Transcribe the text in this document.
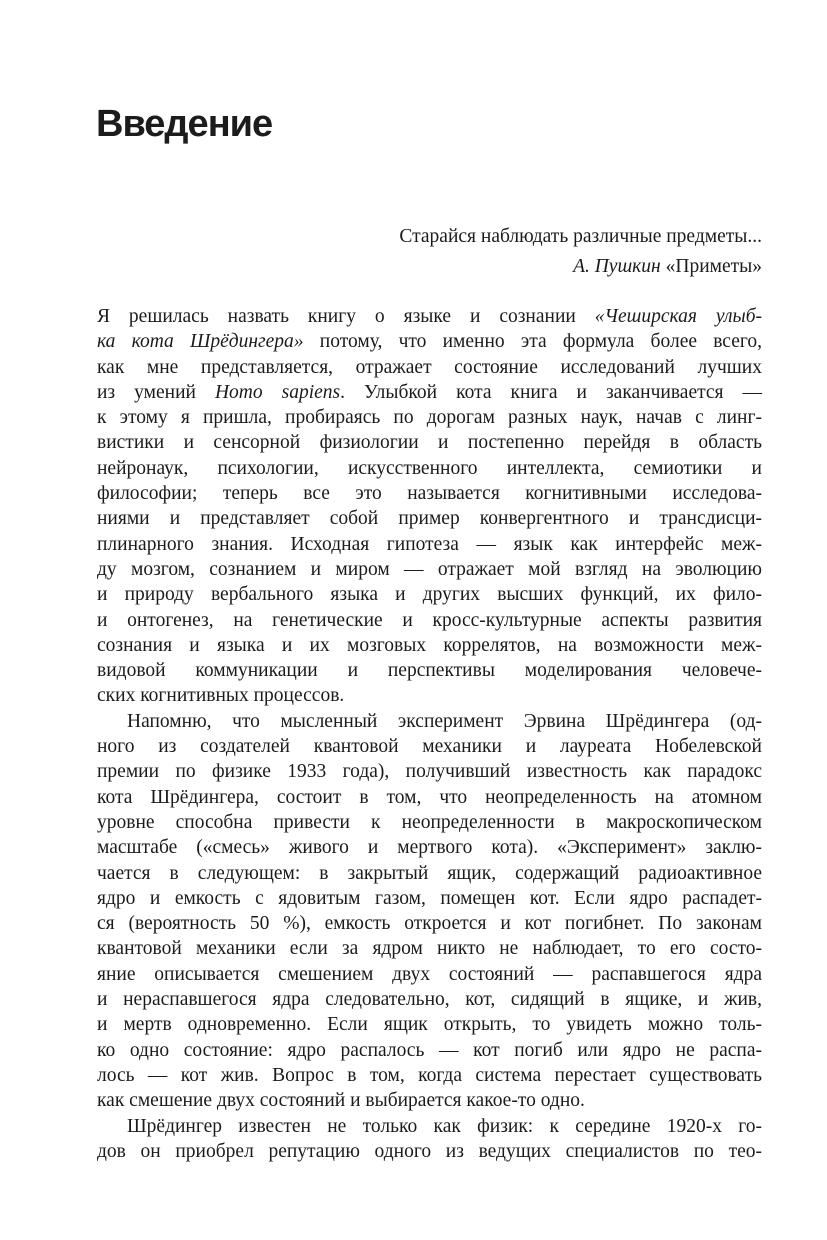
Введение
Старайся наблюдать различные предметы...
А. Пушкин «Приметы»
Я решилась назвать книгу о языке и сознании «Чеширская улыб-
ка кота Шрёдингера» потому, что именно эта формула более всего,
как мне представляется, отражает состояние исследований лучших
из умений Homo sapiens. Улыбкой кота книга и заканчивается —
к этому я пришла, пробираясь по дорогам разных наук, начав с линг-
вистики и сенсорной физиологии и постепенно перейдя в область
нейронаук, психологии, искусственного интеллекта, семиотики и
философии; теперь все это называется когнитивными исследова-
ниями и представляет собой пример конвергентного и трансдисци-
плинарного знания. Исходная гипотеза — язык как интерфейс меж-
ду мозгом, сознанием и миром — отражает мой взгляд на эволюцию
и природу вербального языка и других высших функций, их фило-
и онтогенез, на генетические и кросс-культурные аспекты развития
сознания и языка и их мозговых коррелятов, на возможности меж-
видовой коммуникации и перспективы моделирования человече-
ских когнитивных процессов.
Напомню, что мысленный эксперимент Эрвина Шрёдингера (од-
ного из создателей квантовой механики и лауреата Нобелевской
премии по физике 1933 года), получивший известность как парадокс
кота Шрёдингера, состоит в том, что неопределенность на атомном
уровне способна привести к неопределенности в макроскопическом
масштабе («смесь» живого и мертвого кота). «Эксперимент» заклю-
чается в следующем: в закрытый ящик, содержащий радиоактивное
ядро и емкость с ядовитым газом, помещен кот. Если ядро распадет-
ся (вероятность 50 %), емкость откроется и кот погибнет. По законам
квантовой механики если за ядром никто не наблюдает, то его состо-
яние описывается смешением двух состояний — распавшегося ядра
и нераспавшегося ядра следовательно, кот, сидящий в ящике, и жив,
и мертв одновременно. Если ящик открыть, то увидеть можно толь-
ко одно состояние: ядро распалось — кот погиб или ядро не распа-
лось — кот жив. Вопрос в том, когда система перестает существовать
как смешение двух состояний и выбирается какое-то одно.
Шрёдингер известен не только как физик: к середине 1920-х го-
дов он приобрел репутацию одного из ведущих специалистов по тео-
